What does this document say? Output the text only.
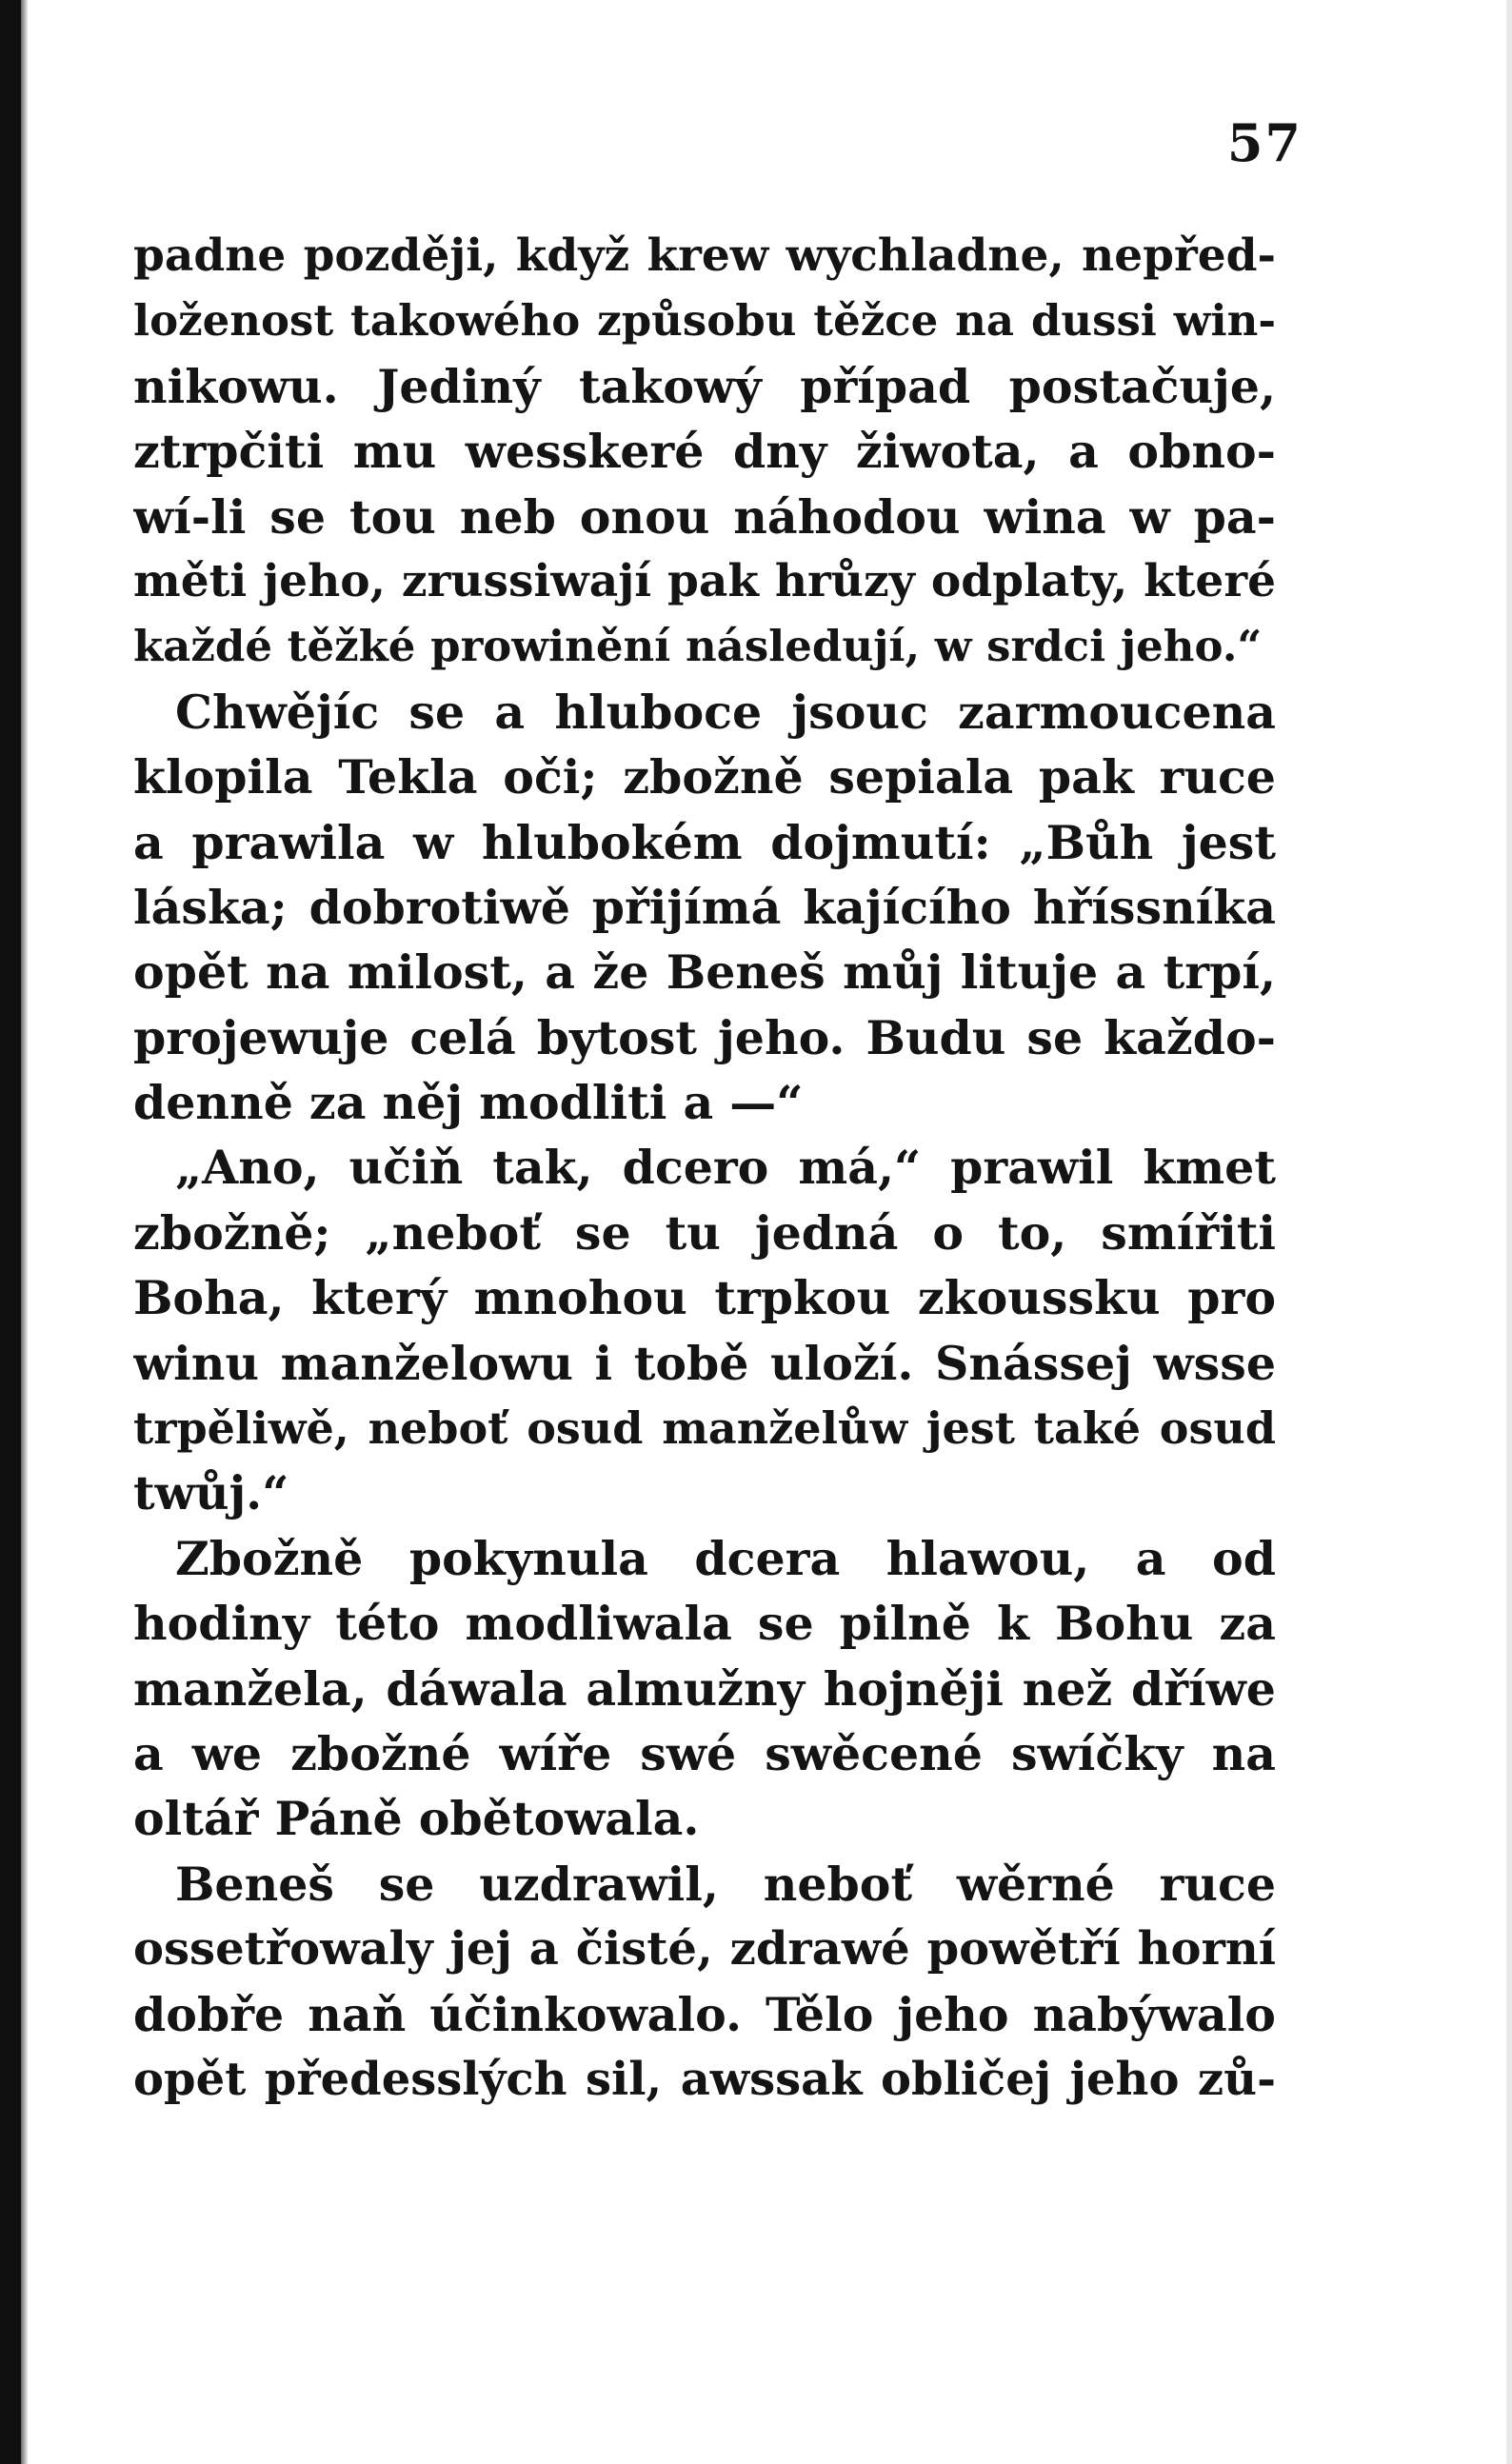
57
padne později, když krew wychladne, nepřed-
loženost takowého způsobu těžce na dussi win-
nikowu. Jediný takowý případ postačuje,
ztrpčiti mu wesskeré dny žiwota, a obno-
wí-li se tou neb onou náhodou wina w pa-
měti jeho, zrussiwají pak hrůzy odplaty, které
každé těžké prowinění následují, w srdci jeho.“
Chwějíc se a hluboce jsouc zarmoucena
klopila Tekla oči; zbožně sepiala pak ruce
a prawila w hlubokém dojmutí: „Bůh jest
láska; dobrotiwě přijímá kajícího hříssníka
opět na milost, a že Beneš můj lituje a trpí,
projewuje celá bytost jeho. Budu se každo-
denně za něj modliti a —“
„Ano, učiň tak, dcero má,“ prawil kmet
zbožně; „neboť se tu jedná o to, smířiti
Boha, který mnohou trpkou zkoussku pro
winu manželowu i tobě uloží. Snássej wsse
trpěliwě, neboť osud manželůw jest také osud
twůj.“
Zbožně pokynula dcera hlawou, a od
hodiny této modliwala se pilně k Bohu za
manžela, dáwala almužny hojněji než dříwe
a we zbožné wíře swé swěcené swíčky na
oltář Páně obětowala.
Beneš se uzdrawil, neboť wěrné ruce
ossetřowaly jej a čisté, zdrawé powětří horní
dobře naň účinkowalo. Tělo jeho nabýwalo
opět předesslých sil, awssak obličej jeho zů-
